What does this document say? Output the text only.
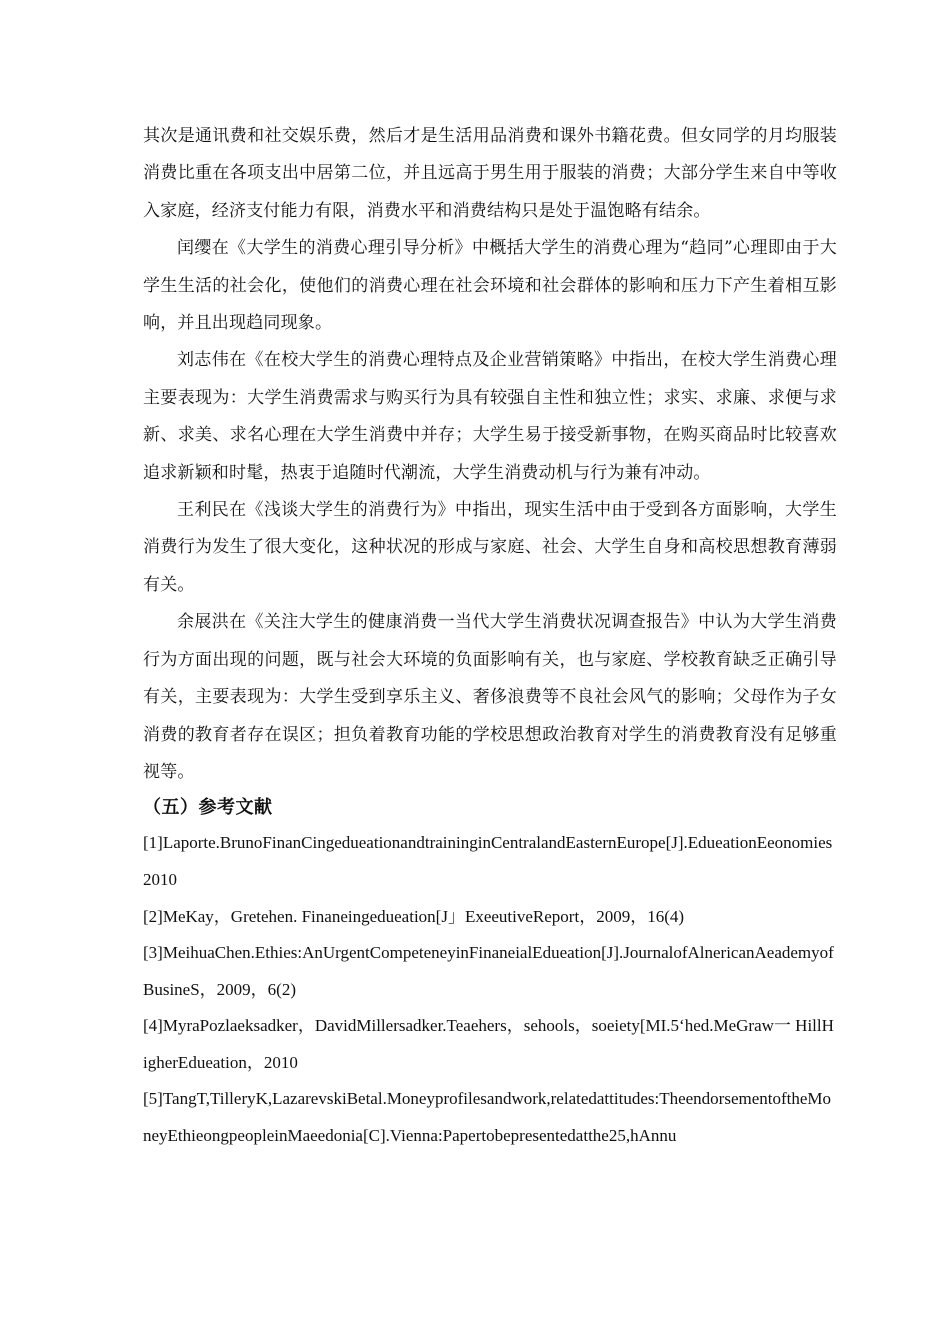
其次是通讯费和社交娱乐费，然后才是生活用品消费和课外书籍花费。但女同学的月均服装消费比重在各项支出中居第二位，并且远高于男生用于服装的消费；大部分学生来自中等收入家庭，经济支付能力有限，消费水平和消费结构只是处于温饱略有结余。

闰缨在《大学生的消费心理引导分析》中概括大学生的消费心理为“趋同”心理即由于大学生生活的社会化，使他们的消费心理在社会环境和社会群体的影响和压力下产生着相互影响，并且出现趋同现象。

刘志伟在《在校大学生的消费心理特点及企业营销策略》中指出，在校大学生消费心理主要表现为：大学生消费需求与购买行为具有较强自主性和独立性；求实、求廉、求便与求新、求美、求名心理在大学生消费中并存；大学生易于接受新事物，在购买商品时比较喜欢追求新颖和时髦，热衷于追随时代潮流，大学生消费动机与行为兼有冲动。

王利民在《浅谈大学生的消费行为》中指出，现实生活中由于受到各方面影响，大学生消费行为发生了很大变化，这种状况的形成与家庭、社会、大学生自身和高校思想教育薄弱有关。

余展洪在《关注大学生的健康消费一当代大学生消费状况调查报告》中认为大学生消费行为方面出现的问题，既与社会大环境的负面影响有关，也与家庭、学校教育缺乏正确引导有关，主要表现为：大学生受到享乐主义、奢侈浪费等不良社会风气的影响；父母作为子女消费的教育者存在误区；担负着教育功能的学校思想政治教育对学生的消费教育没有足够重视等。

（五）参考文献
[1]Laporte.BrunoFinanCingedueationandtraininginCentralandEasternEurope[J].EdueationEeonomies 2010
[2]MeKay，Gretehen. Finaneingedueation[J」ExeeutiveReport，2009，16(4)
[3]MeihuaChen.Ethies:AnUrgentCompeteneyinFinaneialEdueation[J].JournalofAlnericanAeademyofBusineS，2009，6(2)
[4]MyraPozlaeksadker，DavidMillersadker.Teaehers，sehools，soeiety[MI.5‘hed.MeGraw一 HillHigherEdueation，2010
[5]TangT,TilleryK,LazarevskiBetal.Moneyprofilesandwork,relatedattitudes:TheendorsementoftheMoneyEthieongpeopleinMaeedonia[C].Vienna:Papertobepresentedatthe25,hAnnu
